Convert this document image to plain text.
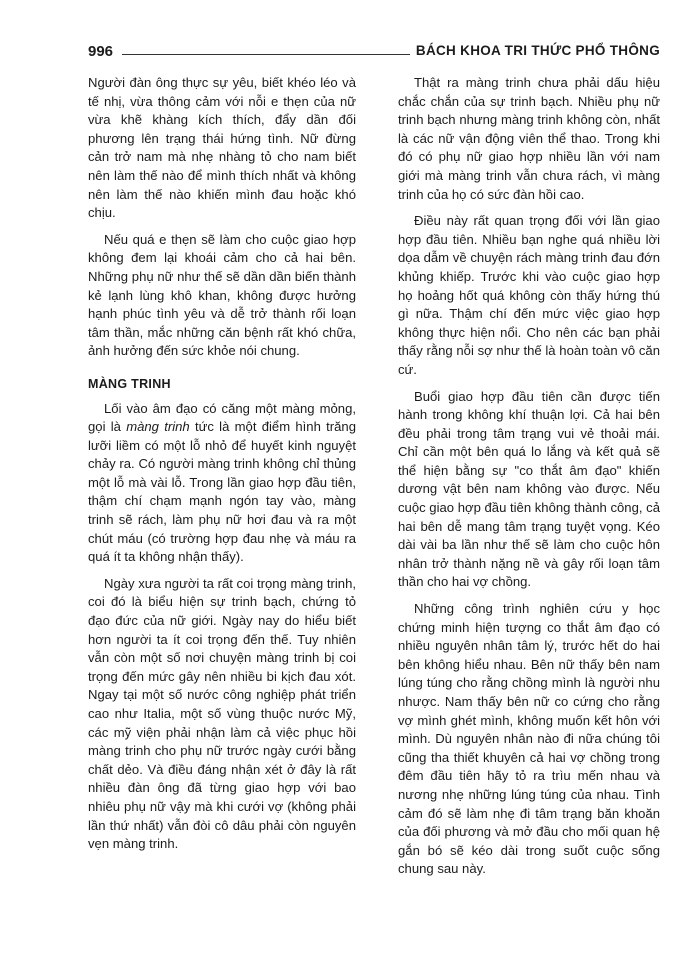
996	BÁCH KHOA TRI THỨC PHỔ THÔNG

Người đàn ông thực sự yêu, biết khéo léo và tế nhị, vừa thông cảm với nỗi e thẹn của nữ vừa khẽ khàng kích thích, đẩy dần đối phương lên trạng thái hứng tình. Nữ đừng cản trở nam mà nhẹ nhàng tỏ cho nam biết nên làm thế nào để mình thích nhất và không nên làm thế nào khiến mình đau hoặc khó chịu.

Nếu quá e thẹn sẽ làm cho cuộc giao hợp không đem lại khoái cảm cho cả hai bên. Những phụ nữ như thế sẽ dần dần biến thành kẻ lạnh lùng khô khan, không được hưởng hạnh phúc tình yêu và dễ trở thành rối loạn tâm thần, mắc những căn bệnh rất khó chữa, ảnh hưởng đến sức khỏe nói chung.

MÀNG TRINH

Lối vào âm đạo có căng một màng mỏng, gọi là màng trinh tức là một điểm hình trăng lưỡi liềm có một lỗ nhỏ để huyết kinh nguyệt chảy ra. Có người màng trinh không chỉ thủng một lỗ mà vài lỗ. Trong lần giao hợp đầu tiên, thậm chí chạm mạnh ngón tay vào, màng trinh sẽ rách, làm phụ nữ hơi đau và ra một chút máu (có trường hợp đau nhẹ và máu ra quá ít ta không nhận thấy).

Ngày xưa người ta rất coi trọng màng trinh, coi đó là biểu hiện sự trinh bạch, chứng tỏ đạo đức của nữ giới. Ngày nay do hiểu biết hơn người ta ít coi trọng đến thế. Tuy nhiên vẫn còn một số nơi chuyện màng trinh bị coi trọng đến mức gây nên nhiều bi kịch đau xót. Ngay tại một số nước công nghiệp phát triển cao như Italia, một số vùng thuộc nước Mỹ, các mỹ viện phải nhận làm cả việc phục hồi màng trinh cho phụ nữ trước ngày cưới bằng chất dẻo. Và điều đáng nhận xét ở đây là rất nhiều đàn ông đã từng giao hợp với bao nhiêu phụ nữ vậy mà khi cưới vợ (không phải lần thứ nhất) vẫn đòi cô dâu phải còn nguyên vẹn màng trinh.

Thật ra màng trinh chưa phải dấu hiệu chắc chắn của sự trinh bạch. Nhiều phụ nữ trinh bạch nhưng màng trinh không còn, nhất là các nữ vận động viên thể thao. Trong khi đó có phụ nữ giao hợp nhiều lần với nam giới mà màng trinh vẫn chưa rách, vì màng trinh của họ có sức đàn hồi cao.

Điều này rất quan trọng đối với lần giao hợp đầu tiên. Nhiều bạn nghe quá nhiều lời dọa dẫm về chuyện rách màng trinh đau đớn khủng khiếp. Trước khi vào cuộc giao hợp họ hoảng hốt quá không còn thấy hứng thú gì nữa. Thậm chí đến mức việc giao hợp không thực hiện nổi. Cho nên các bạn phải thấy rằng nỗi sợ như thế là hoàn toàn vô căn cứ.

Buổi giao hợp đầu tiên cần được tiến hành trong không khí thuận lợi. Cả hai bên đều phải trong tâm trạng vui vẻ thoải mái. Chỉ cần một bên quá lo lắng và kết quả sẽ thể hiện bằng sự "co thắt âm đạo" khiến dương vật bên nam không vào được. Nếu cuộc giao hợp đầu tiên không thành công, cả hai bên dễ mang tâm trạng tuyệt vọng. Kéo dài vài ba lần như thế sẽ làm cho cuộc hôn nhân trở thành nặng nề và gây rối loạn tâm thần cho hai vợ chồng.

Những công trình nghiên cứu y học chứng minh hiện tượng co thắt âm đạo có nhiều nguyên nhân tâm lý, trước hết do hai bên không hiểu nhau. Bên nữ thấy bên nam lúng túng cho rằng chồng mình là người nhu nhược. Nam thấy bên nữ co cứng cho rằng vợ mình ghét mình, không muốn kết hôn với mình. Dù nguyên nhân nào đi nữa chúng tôi cũng tha thiết khuyên cả hai vợ chồng trong đêm đầu tiên hãy tỏ ra trìu mến nhau và nương nhẹ những lúng túng của nhau. Tình cảm đó sẽ làm nhẹ đi tâm trạng băn khoăn của đối phương và mở đầu cho mối quan hệ gắn bó sẽ kéo dài trong suốt cuộc sống chung sau này.
